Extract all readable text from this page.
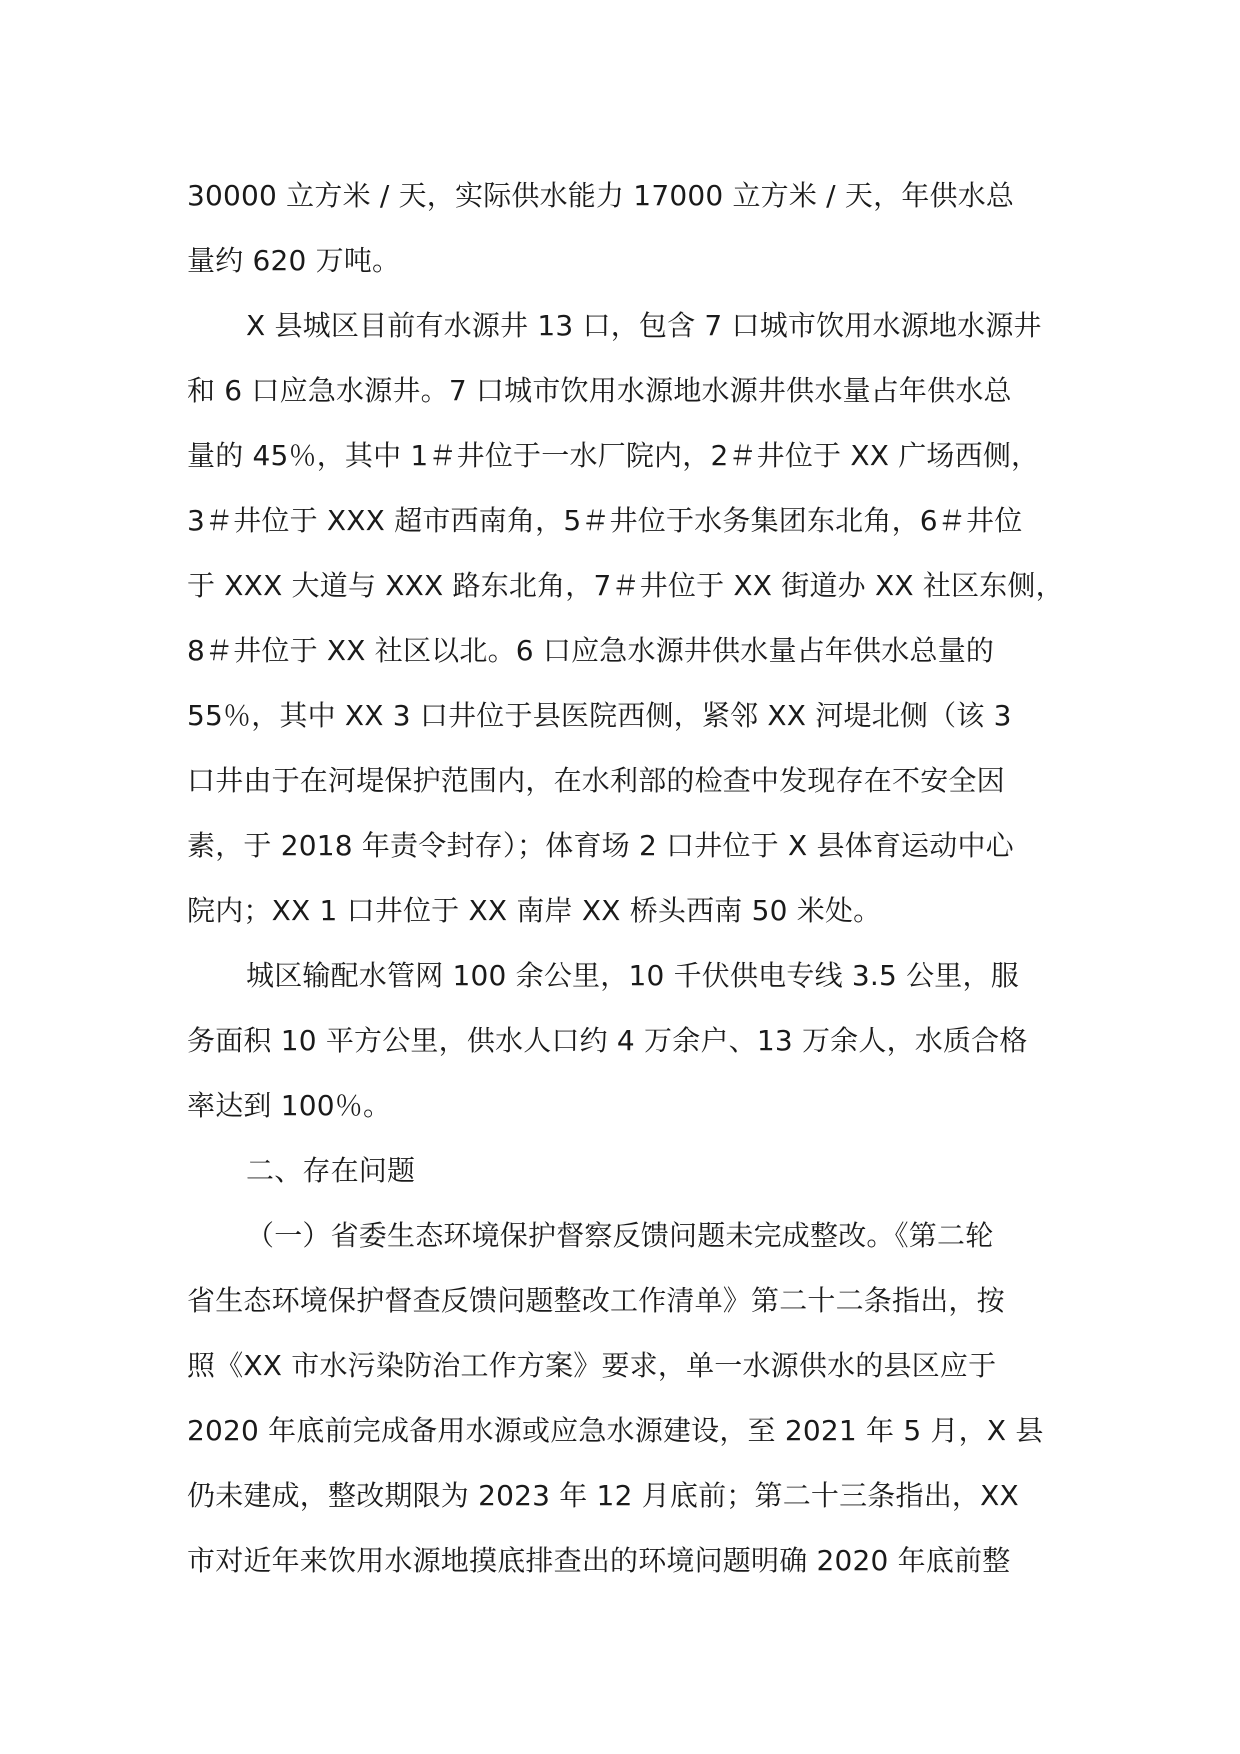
30000 立方米 / 天，实际供水能力 17000 立方米 / 天，年供水总
量约 620 万吨。
X 县城区目前有水源井 13 口，包含 7 口城市饮用水源地水源井
和 6 口应急水源井。7 口城市饮用水源地水源井供水量占年供水总
量的 45％，其中 1＃井位于一水厂院内，2＃井位于 XX 广场西侧，
3＃井位于 XXX 超市西南角，5＃井位于水务集团东北角，6＃井位
于 XXX 大道与 XXX 路东北角，7＃井位于 XX 街道办 XX 社区东侧，
8＃井位于 XX 社区以北。6 口应急水源井供水量占年供水总量的
55％，其中 XX 3 口井位于县医院西侧，紧邻 XX 河堤北侧（该 3
口井由于在河堤保护范围内，在水利部的检查中发现存在不安全因
素，于 2018 年责令封存）；体育场 2 口井位于 X 县体育运动中心
院内；XX 1 口井位于 XX 南岸 XX 桥头西南 50 米处。
城区输配水管网 100 余公里，10 千伏供电专线 3.5 公里，服
务面积 10 平方公里，供水人口约 4 万余户、13 万余人，水质合格
率达到 100％。
二、存在问题
（一）省委生态环境保护督察反馈问题未完成整改。《第二轮
省生态环境保护督查反馈问题整改工作清单》第二十二条指出，按
照《XX 市水污染防治工作方案》要求，单一水源供水的县区应于
2020 年底前完成备用水源或应急水源建设，至 2021 年 5 月，X 县
仍未建成，整改期限为 2023 年 12 月底前；第二十三条指出，XX
市对近年来饮用水源地摸底排查出的环境问题明确 2020 年底前整
